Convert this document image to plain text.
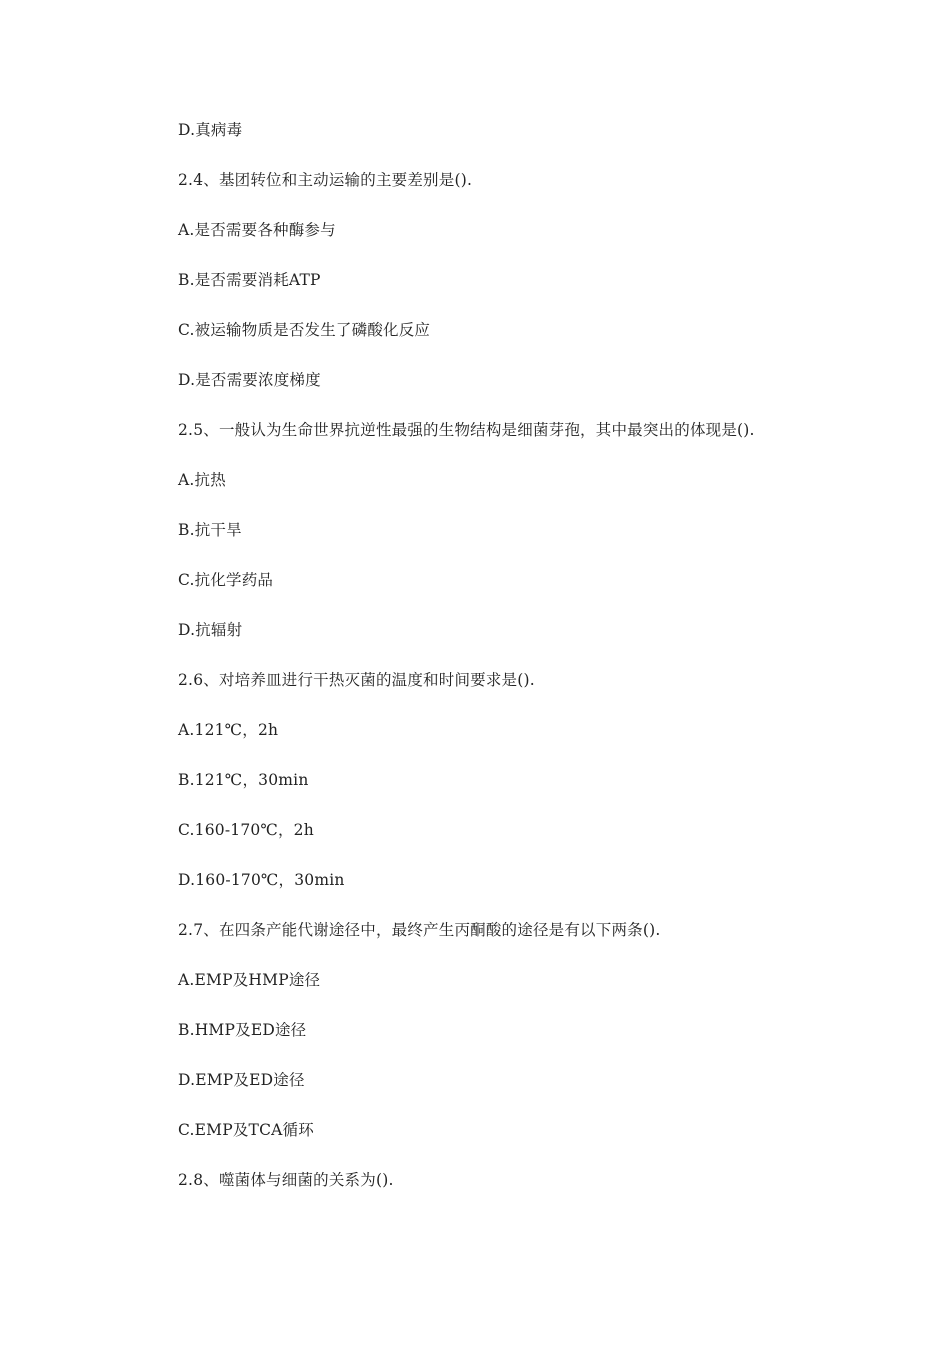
D.真病毒

2.4、基团转位和主动运输的主要差别是().

A.是否需要各种酶参与

B.是否需要消耗ATP

C.被运输物质是否发生了磷酸化反应

D.是否需要浓度梯度

2.5、一般认为生命世界抗逆性最强的生物结构是细菌芽孢，其中最突出的体现是().

A.抗热

B.抗干旱

C.抗化学药品

D.抗辐射

2.6、对培养皿进行干热灭菌的温度和时间要求是().

A.121℃，2h

B.121℃，30min

C.160-170℃，2h

D.160-170℃，30min

2.7、在四条产能代谢途径中，最终产生丙酮酸的途径是有以下两条().

A.EMP及HMP途径

B.HMP及ED途径

D.EMP及ED途径

C.EMP及TCA循环

2.8、噬菌体与细菌的关系为().
